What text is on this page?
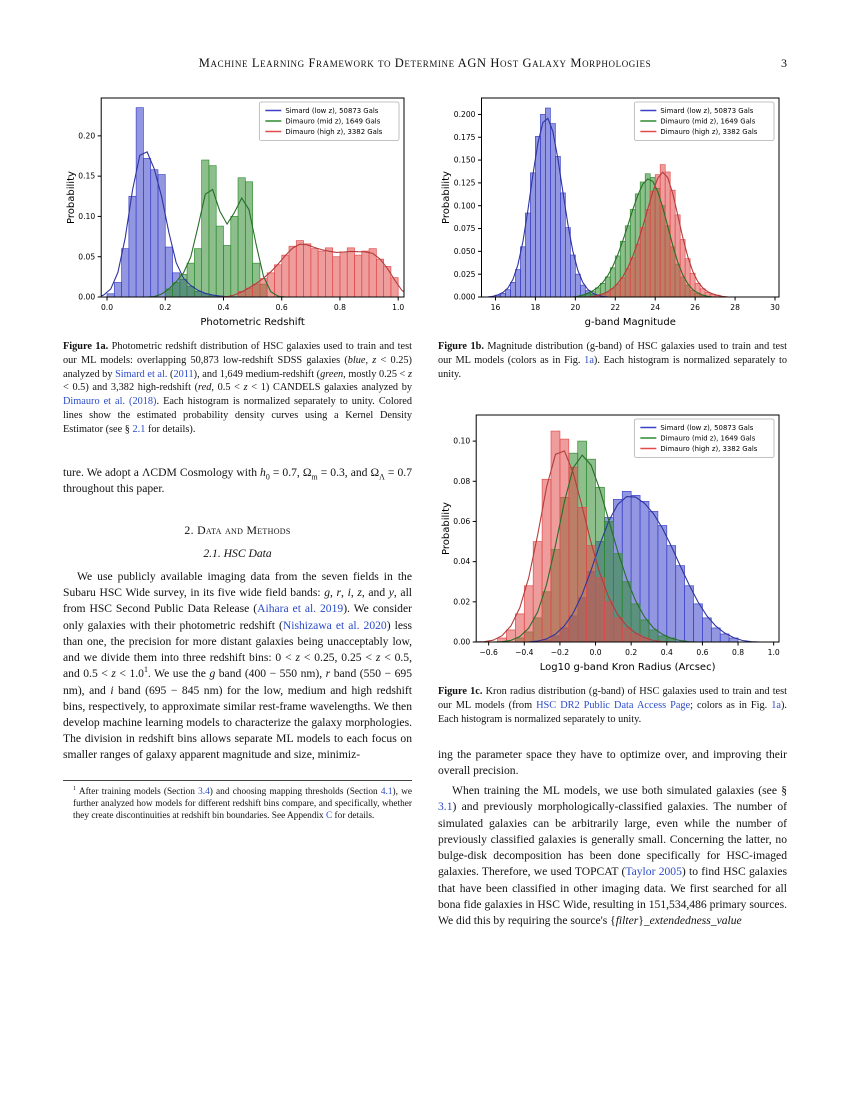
Machine Learning Framework to Determine AGN Host Galaxy Morphologies	3
0.0	0.2	0.4	0.6	0.8	1.0
0.00
0.05
0.10
0.15
0.20
Photometric Redshift
Probability
Simard (low z), 50873 Gals
Dimauro (mid z), 1649 Gals
Dimauro (high z), 3382 Gals
Figure 1a. Photometric redshift distribution of HSC galaxies used to train and test our ML models: overlapping 50,873 low-redshift SDSS galaxies (blue, z < 0.25) analyzed by Simard et al. (2011), and 1,649 medium-redshift (green, mostly 0.25 < z < 0.5) and 3,382 high-redshift (red, 0.5 < z < 1) CANDELS galaxies analyzed by Dimauro et al. (2018). Each histogram is normalized separately to unity. Colored lines show the estimated probability density curves using a Kernel Density Estimator (see § 2.1 for details).
ture. We adopt a ΛCDM Cosmology with $h_0 = 0.7$, $\Omega_m = 0.3$, and $\Omega_\Lambda = 0.7$ throughout this paper.
2. Data and Methods
2.1. HSC Data
We use publicly available imaging data from the seven fields in the Subaru HSC Wide survey, in its five wide field bands: g, r, i, z, and y, all from HSC Second Public Data Release (Aihara et al. 2019). We consider only galaxies with their photometric redshift (Nishizawa et al. 2020) less than one, the precision for more distant galaxies being unacceptably low, and we divide them into three redshift bins: 0 < z < 0.25, 0.25 < z < 0.5, and $0.5 < z < 1.0^1$. We use the g band (400 − 550 nm), r band (550 − 695 nm), and i band (695 − 845 nm) for the low, medium and high redshift bins, respectively, to approximate similar rest-frame wavelengths. We then develop machine learning models to characterize the galaxy morphologies. The division in redshift bins allows separate ML models to each focus on smaller ranges of galaxy apparent magnitude and size, minimiz-
$^1$ After training models (Section 3.4) and choosing mapping thresholds (Section 4.1), we further analyzed how models for different redshift bins compare, and specifically, whether they create discontinuities at redshift bin boundaries. See Appendix C for details.
16	18	20	22	24	26	28	30
0.000
0.025
0.050
0.075
0.100
0.125
0.150
0.175
0.200
g-band Magnitude
Probability
Simard (low z), 50873 Gals
Dimauro (mid z), 1649 Gals
Dimauro (high z), 3382 Gals
Figure 1b. Magnitude distribution (g-band) of HSC galaxies used to train and test our ML models (colors as in Fig. 1a). Each histogram is normalized separately to unity.
−0.6 −0.4 −0.2	0.0	0.2	0.4	0.6	0.8	1.0
0.00
0.02
0.04
0.06
0.08
0.10
Log10 g-band Kron Radius (Arcsec)
Probability
Simard (low z), 50873 Gals
Dimauro (mid z), 1649 Gals
Dimauro (high z), 3382 Gals
Figure 1c. Kron radius distribution (g-band) of HSC galaxies used to train and test our ML models (from HSC DR2 Public Data Access Page; colors as in Fig. 1a). Each histogram is normalized separately to unity.
ing the parameter space they have to optimize over, and improving their overall precision.
When training the ML models, we use both simulated galaxies (see § 3.1) and previously morphologically-classified galaxies. The number of simulated galaxies can be arbitrarily large, even while the number of previously classified galaxies is generally small. Concerning the latter, no bulge-disk decomposition has been done specifically for HSC-imaged galaxies. Therefore, we used TOPCAT (Taylor 2005) to find HSC galaxies that have been classified in other imaging data. We first searched for all bona fide galaxies in HSC Wide, resulting in 151,534,486 primary sources. We did this by requiring the source's {filter}_extendedness_value
